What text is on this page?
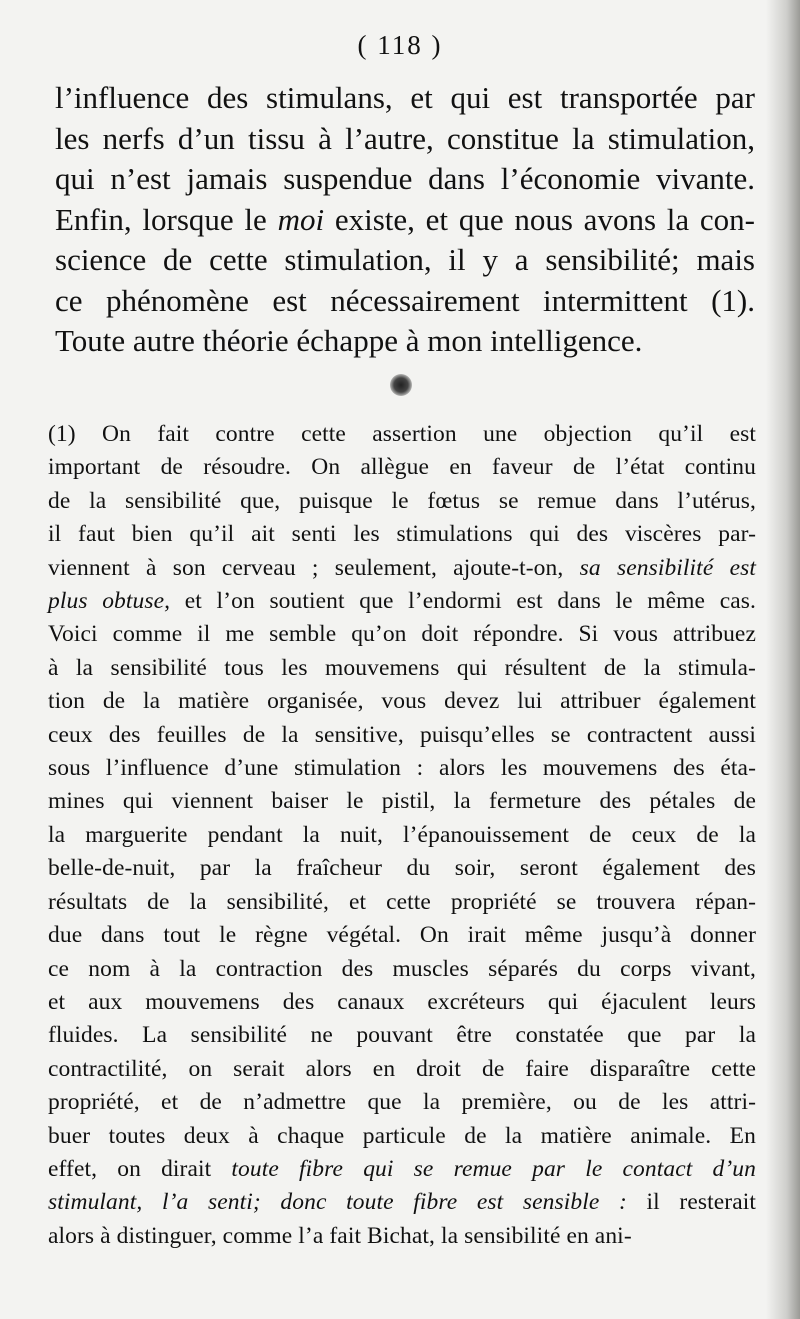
( 118 )
l’influence des stimulans, et qui est transportée par
les nerfs d’un tissu à l’autre, constitue la stimulation,
qui n’est jamais suspendue dans l’économie vivante.
Enfin, lorsque le moi existe, et que nous avons la con-
science de cette stimulation, il y a sensibilité; mais
ce phénomène est nécessairement intermittent (1).
Toute autre théorie échappe à mon intelligence.
(1) On fait contre cette assertion une objection qu’il est
important de résoudre. On allègue en faveur de l’état continu
de la sensibilité que, puisque le fœtus se remue dans l’utérus,
il faut bien qu’il ait senti les stimulations qui des viscères par-
viennent à son cerveau ; seulement, ajoute-t-on, sa sensibilité est
plus obtuse, et l’on soutient que l’endormi est dans le même cas.
Voici comme il me semble qu’on doit répondre. Si vous attribuez
à la sensibilité tous les mouvemens qui résultent de la stimula-
tion de la matière organisée, vous devez lui attribuer également
ceux des feuilles de la sensitive, puisqu’elles se contractent aussi
sous l’influence d’une stimulation : alors les mouvemens des éta-
mines qui viennent baiser le pistil, la fermeture des pétales de
la marguerite pendant la nuit, l’épanouissement de ceux de la
belle-de-nuit, par la fraîcheur du soir, seront également des
résultats de la sensibilité, et cette propriété se trouvera répan-
due dans tout le règne végétal. On irait même jusqu’à donner
ce nom à la contraction des muscles séparés du corps vivant,
et aux mouvemens des canaux excréteurs qui éjaculent leurs
fluides. La sensibilité ne pouvant être constatée que par la
contractilité, on serait alors en droit de faire disparaître cette
propriété, et de n’admettre que la première, ou de les attri-
buer toutes deux à chaque particule de la matière animale. En
effet, on dirait toute fibre qui se remue par le contact d’un
stimulant, l’a senti; donc toute fibre est sensible : il resterait
alors à distinguer, comme l’a fait Bichat, la sensibilité en ani-
